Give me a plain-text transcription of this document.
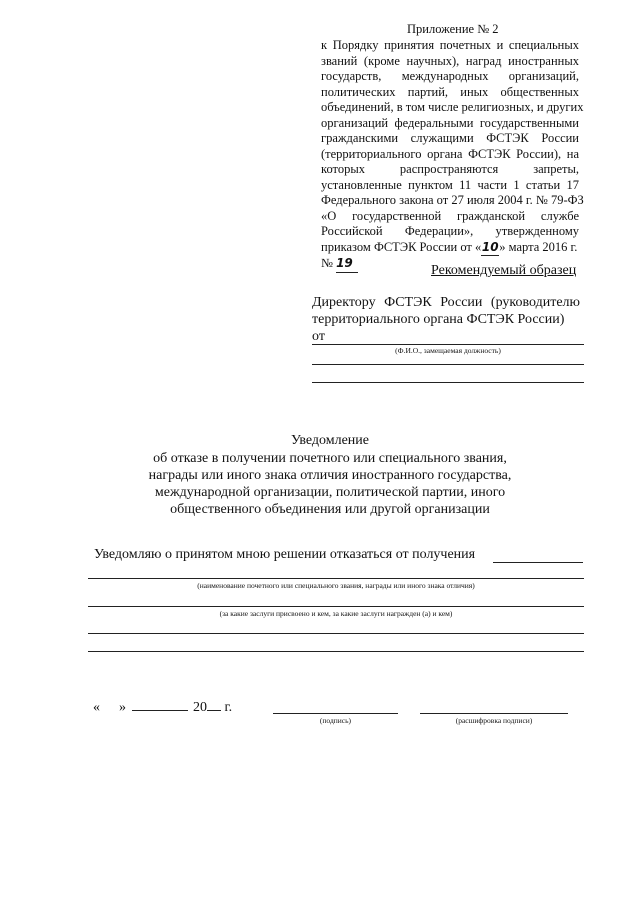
Приложение № 2
к Порядку принятия почетных и специальных
званий (кроме научных), наград иностранных
государств, международных организаций,
политических партий, иных общественных
объединений, в том числе религиозных, и других
организаций федеральными государственными
гражданскими служащими ФСТЭК России
(территориального органа ФСТЭК России), на
которых распространяются запреты,
установленные пунктом 11 части 1 статьи 17
Федерального закона от 27 июля 2004 г. № 79-ФЗ
«О государственной гражданской службе
Российской Федерации», утвержденному
приказом ФСТЭК России от «10» марта 2016 г.
№ 19	Рекомендуемый образец
Директору ФСТЭК России (руководителю
территориального органа ФСТЭК России)
от
(Ф.И.О., замещаемая должность)
Уведомление
об отказе в получении почетного или специального звания,
награды или иного знака отличия иностранного государства,
международной организации, политической партии, иного
общественного объединения или другой организации
Уведомляю о принятом мною решении отказаться от получения
(наименование почетного или специального звания, награды или иного знака отличия)
(за какие заслуги присвоено и кем, за какие заслуги награжден (а) и кем)
« »	20 г.
(подпись)	(расшифровка подписи)
